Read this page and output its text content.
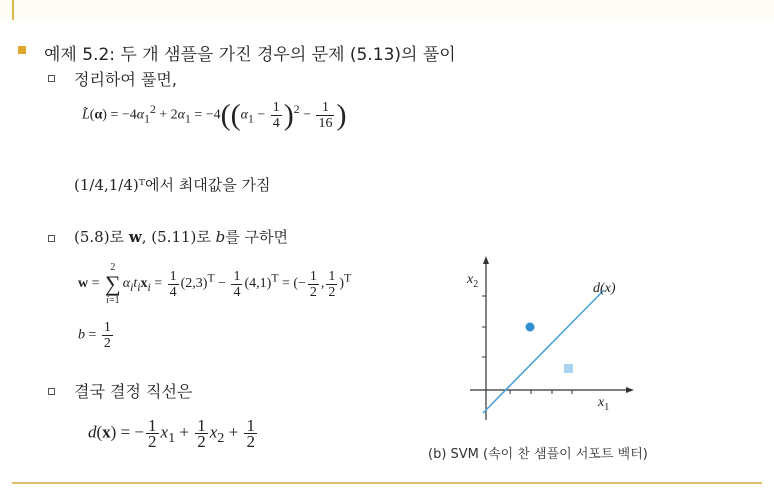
예제 5.2: 두 개 샘플을 가진 경우의 문제 (5.13)의 풀이
정리하여 풀면,
L̃(α) = $-4\alpha_1^2 + 2\alpha_1 = -4((\alpha_1 - \frac{1}{4} )^2 - \frac{1}{16}$ )
(1/4,1/4)ᵀ에서 최대값을 가짐
(5.8)로 w, (5.11)로 b를 구하면
w =
2
∑
i=1
$\alpha_it_ix_i = \frac{1}{4} (2,3)^T - \frac{1}{4} (4,1)^T$ = (− $\frac{1}{2}$ , $\frac{1}{2} )^T$
$b = \frac{1}{2}$
결국 결정 직선은
d(x) = − $\frac{1}{2} x_1 + \frac{1}{2} x_2 + \frac{1}{2}$
$x_2$
$x_1$
d(x)
(b) SVM (속이 찬 샘플이 서포트 벡터)
